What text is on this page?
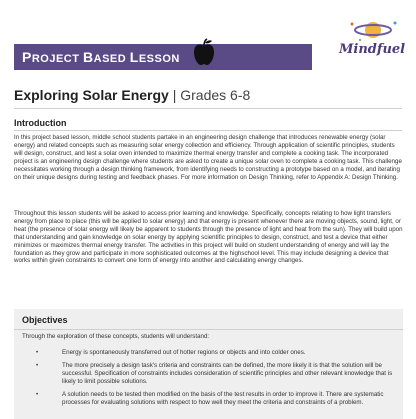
PROJECT BASED LESSON
Mindfuel
Exploring Solar Energy | Grades 6-8
Introduction
In this project based lesson, middle school students partake in an engineering design challenge that introduces renewable energy (solar energy) and related concepts such as measuring solar energy collection and efficiency. Through application of scientific principles, students will design, construct, and test a solar oven intended to maximize thermal energy transfer and complete a cooking task. The incorporated project is an engineering design challenge where students are asked to create a unique solar oven to complete a cooking task. This challenge necessitates working through a design thinking framework, from identifying needs to constructing a prototype based on a model, and iterating on their unique designs during testing and feedback phases. For more information on Design Thinking, refer to Appendix A: Design Thinking.
Throughout this lesson students will be asked to access prior learning and knowledge. Specifically, concepts relating to how light transfers energy from place to place (this will be applied to solar energy) and that energy is present whenever there are moving objects, sound, light, or heat (the presence of solar energy will likely be apparent to students through the presence of light and heat from the sun). They will build upon that understanding and gain knowledge on solar energy by applying scientific principles to design, construct, and test a device that either minimizes or maximizes thermal energy transfer. The activities in this project will build on student understanding of energy and will lay the foundation as they grow and participate in more sophisticated outcomes at the highschool level. This may include designing a device that works within given constraints to convert one form of energy into another and calculating energy changes.
Objectives
Through the exploration of these concepts, students will understand:
•	Energy is spontaneously transferred out of hotter regions or objects and into colder ones.
•	The more precisely a design task's criteria and constraints can be defined, the more likely it is that the solution will be successful. Specification of constraints includes consideration of scientific principles and other relevant knowledge that is likely to limit possible solutions.
•	A solution needs to be tested then modified on the basis of the test results in order to improve it. There are systematic processes for evaluating solutions with respect to how well they meet the criteria and constraints of a problem.
